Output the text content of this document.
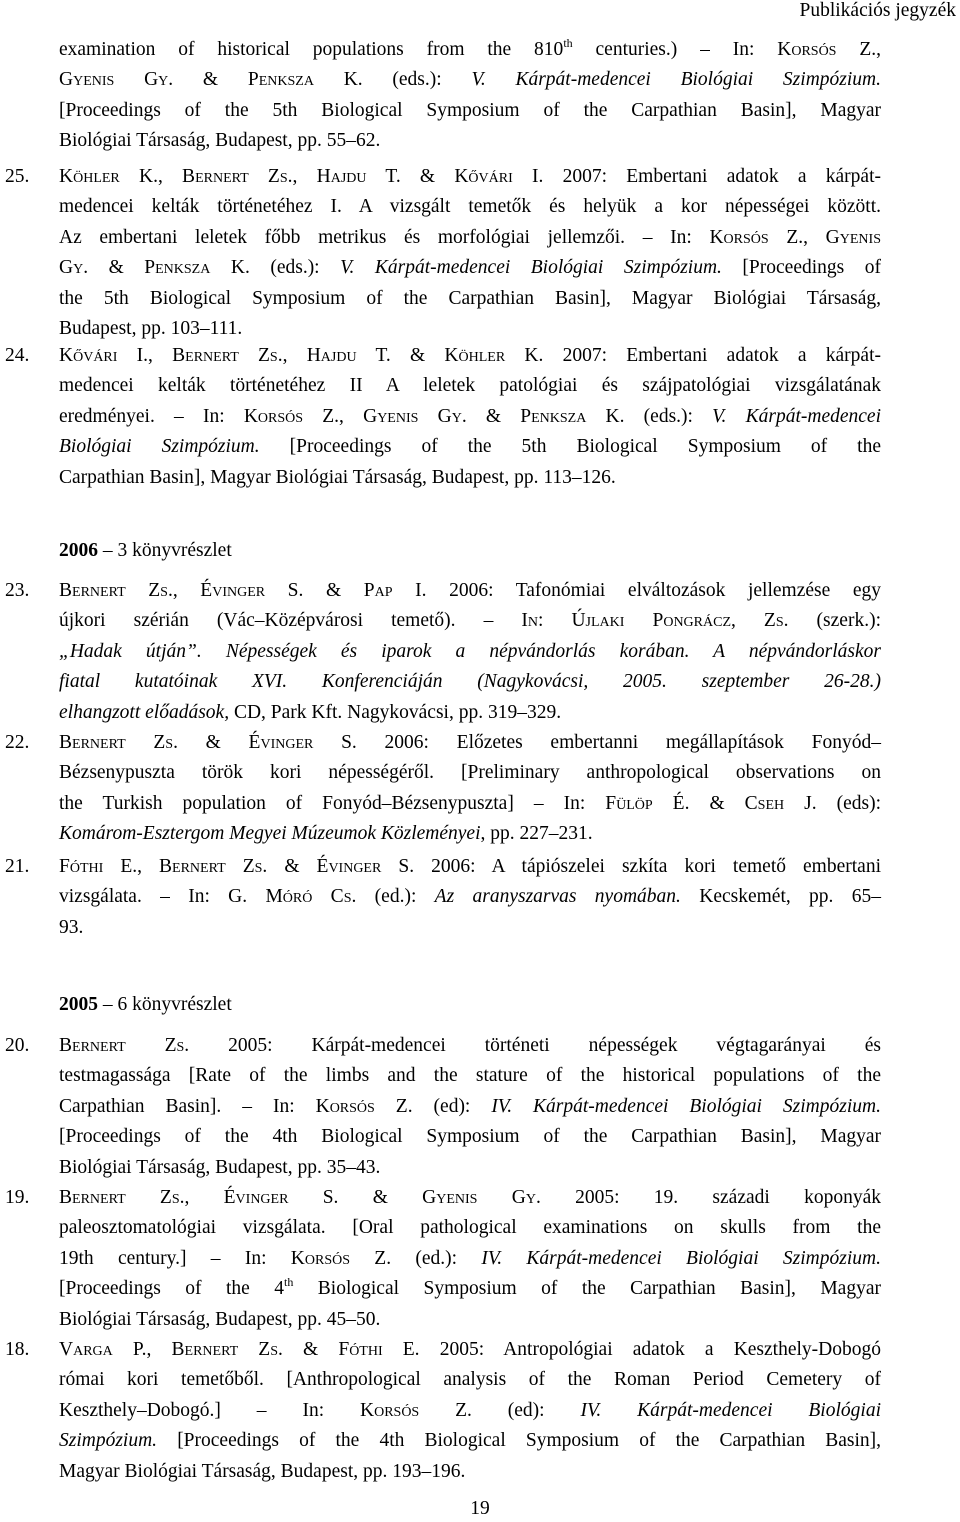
Publikációs jegyzék
examination of historical populations from the 810th centuries.) – In: Korsós Z.,
Gyenis Gy. & Penksza K. (eds.): V. Kárpát-medencei Biológiai Szimpózium.
[Proceedings of the 5th Biological Symposium of the Carpathian Basin], Magyar
Biológiai Társaság, Budapest, pp. 55–62.
25. Köhler K., Bernert Zs., Hajdu T. & Kővári I. 2007: Embertani adatok a kárpát-
medencei kelták történetéhez I. A vizsgált temetők és helyük a kor népességei között.
Az embertani leletek főbb metrikus és morfológiai jellemzői. – In: Korsós Z., Gyenis
Gy. & Penksza K. (eds.): V. Kárpát-medencei Biológiai Szimpózium. [Proceedings of
the 5th Biological Symposium of the Carpathian Basin], Magyar Biológiai Társaság,
Budapest, pp. 103–111.
24. Kővári I., Bernert Zs., Hajdu T. & Köhler K. 2007: Embertani adatok a kárpát-
medencei kelták történetéhez II A leletek patológiai és szájpatológiai vizsgálatának
eredményei. – In: Korsós Z., Gyenis Gy. & Penksza K. (eds.): V. Kárpát-medencei
Biológiai Szimpózium. [Proceedings of the 5th Biological Symposium of the
Carpathian Basin], Magyar Biológiai Társaság, Budapest, pp. 113–126.
2006 – 3 könyvrészlet
23. Bernert Zs., Évinger S. & Pap I. 2006: Tafonómiai elváltozások jellemzése egy
újkori szérián (Vác–Középvárosi temető). – In: Újlaki Pongrácz, Zs. (szerk.):
„Hadak útján”. Népességek és iparok a népvándorlás korában. A népvándorláskor
fiatal kutatóinak XVI. Konferenciáján (Nagykovácsi, 2005. szeptember 26-28.)
elhangzott előadások, CD, Park Kft. Nagykovácsi, pp. 319–329.
22. Bernert Zs. & Évinger S. 2006: Előzetes embertanni megállapítások Fonyód–
Bézsenypuszta török kori népességéről. [Preliminary anthropological observations on
the Turkish population of Fonyód–Bézsenypuszta] – In: Fülöp É. & Cseh J. (eds):
Komárom-Esztergom Megyei Múzeumok Közleményei, pp. 227–231.
21. Fóthi E., Bernert Zs. & Évinger S. 2006: A tápiószelei szkíta kori temető embertani
vizsgálata. – In: G. Móró Cs. (ed.): Az aranyszarvas nyomában. Kecskemét, pp. 65–
93.
2005 – 6 könyvrészlet
20. Bernert Zs. 2005: Kárpát-medencei történeti népességek végtagarányai és
testmagassága [Rate of the limbs and the stature of the historical populations of the
Carpathian Basin]. – In: Korsós Z. (ed): IV. Kárpát-medencei Biológiai Szimpózium.
[Proceedings of the 4th Biological Symposium of the Carpathian Basin], Magyar
Biológiai Társaság, Budapest, pp. 35–43.
19. Bernert Zs., Évinger S. & Gyenis Gy. 2005: 19. századi koponyák
paleosztomatológiai vizsgálata. [Oral pathological examinations on skulls from the
19th century.] – In: Korsós Z. (ed.): IV. Kárpát-medencei Biológiai Szimpózium.
[Proceedings of the 4th Biological Symposium of the Carpathian Basin], Magyar
Biológiai Társaság, Budapest, pp. 45–50.
18. Varga P., Bernert Zs. & Fóthi E. 2005: Antropológiai adatok a Keszthely-Dobogó
római kori temetőből. [Anthropological analysis of the Roman Period Cemetery of
Keszthely–Dobogó.] – In: Korsós Z. (ed): IV. Kárpát-medencei Biológiai
Szimpózium. [Proceedings of the 4th Biological Symposium of the Carpathian Basin],
Magyar Biológiai Társaság, Budapest, pp. 193–196.
19
